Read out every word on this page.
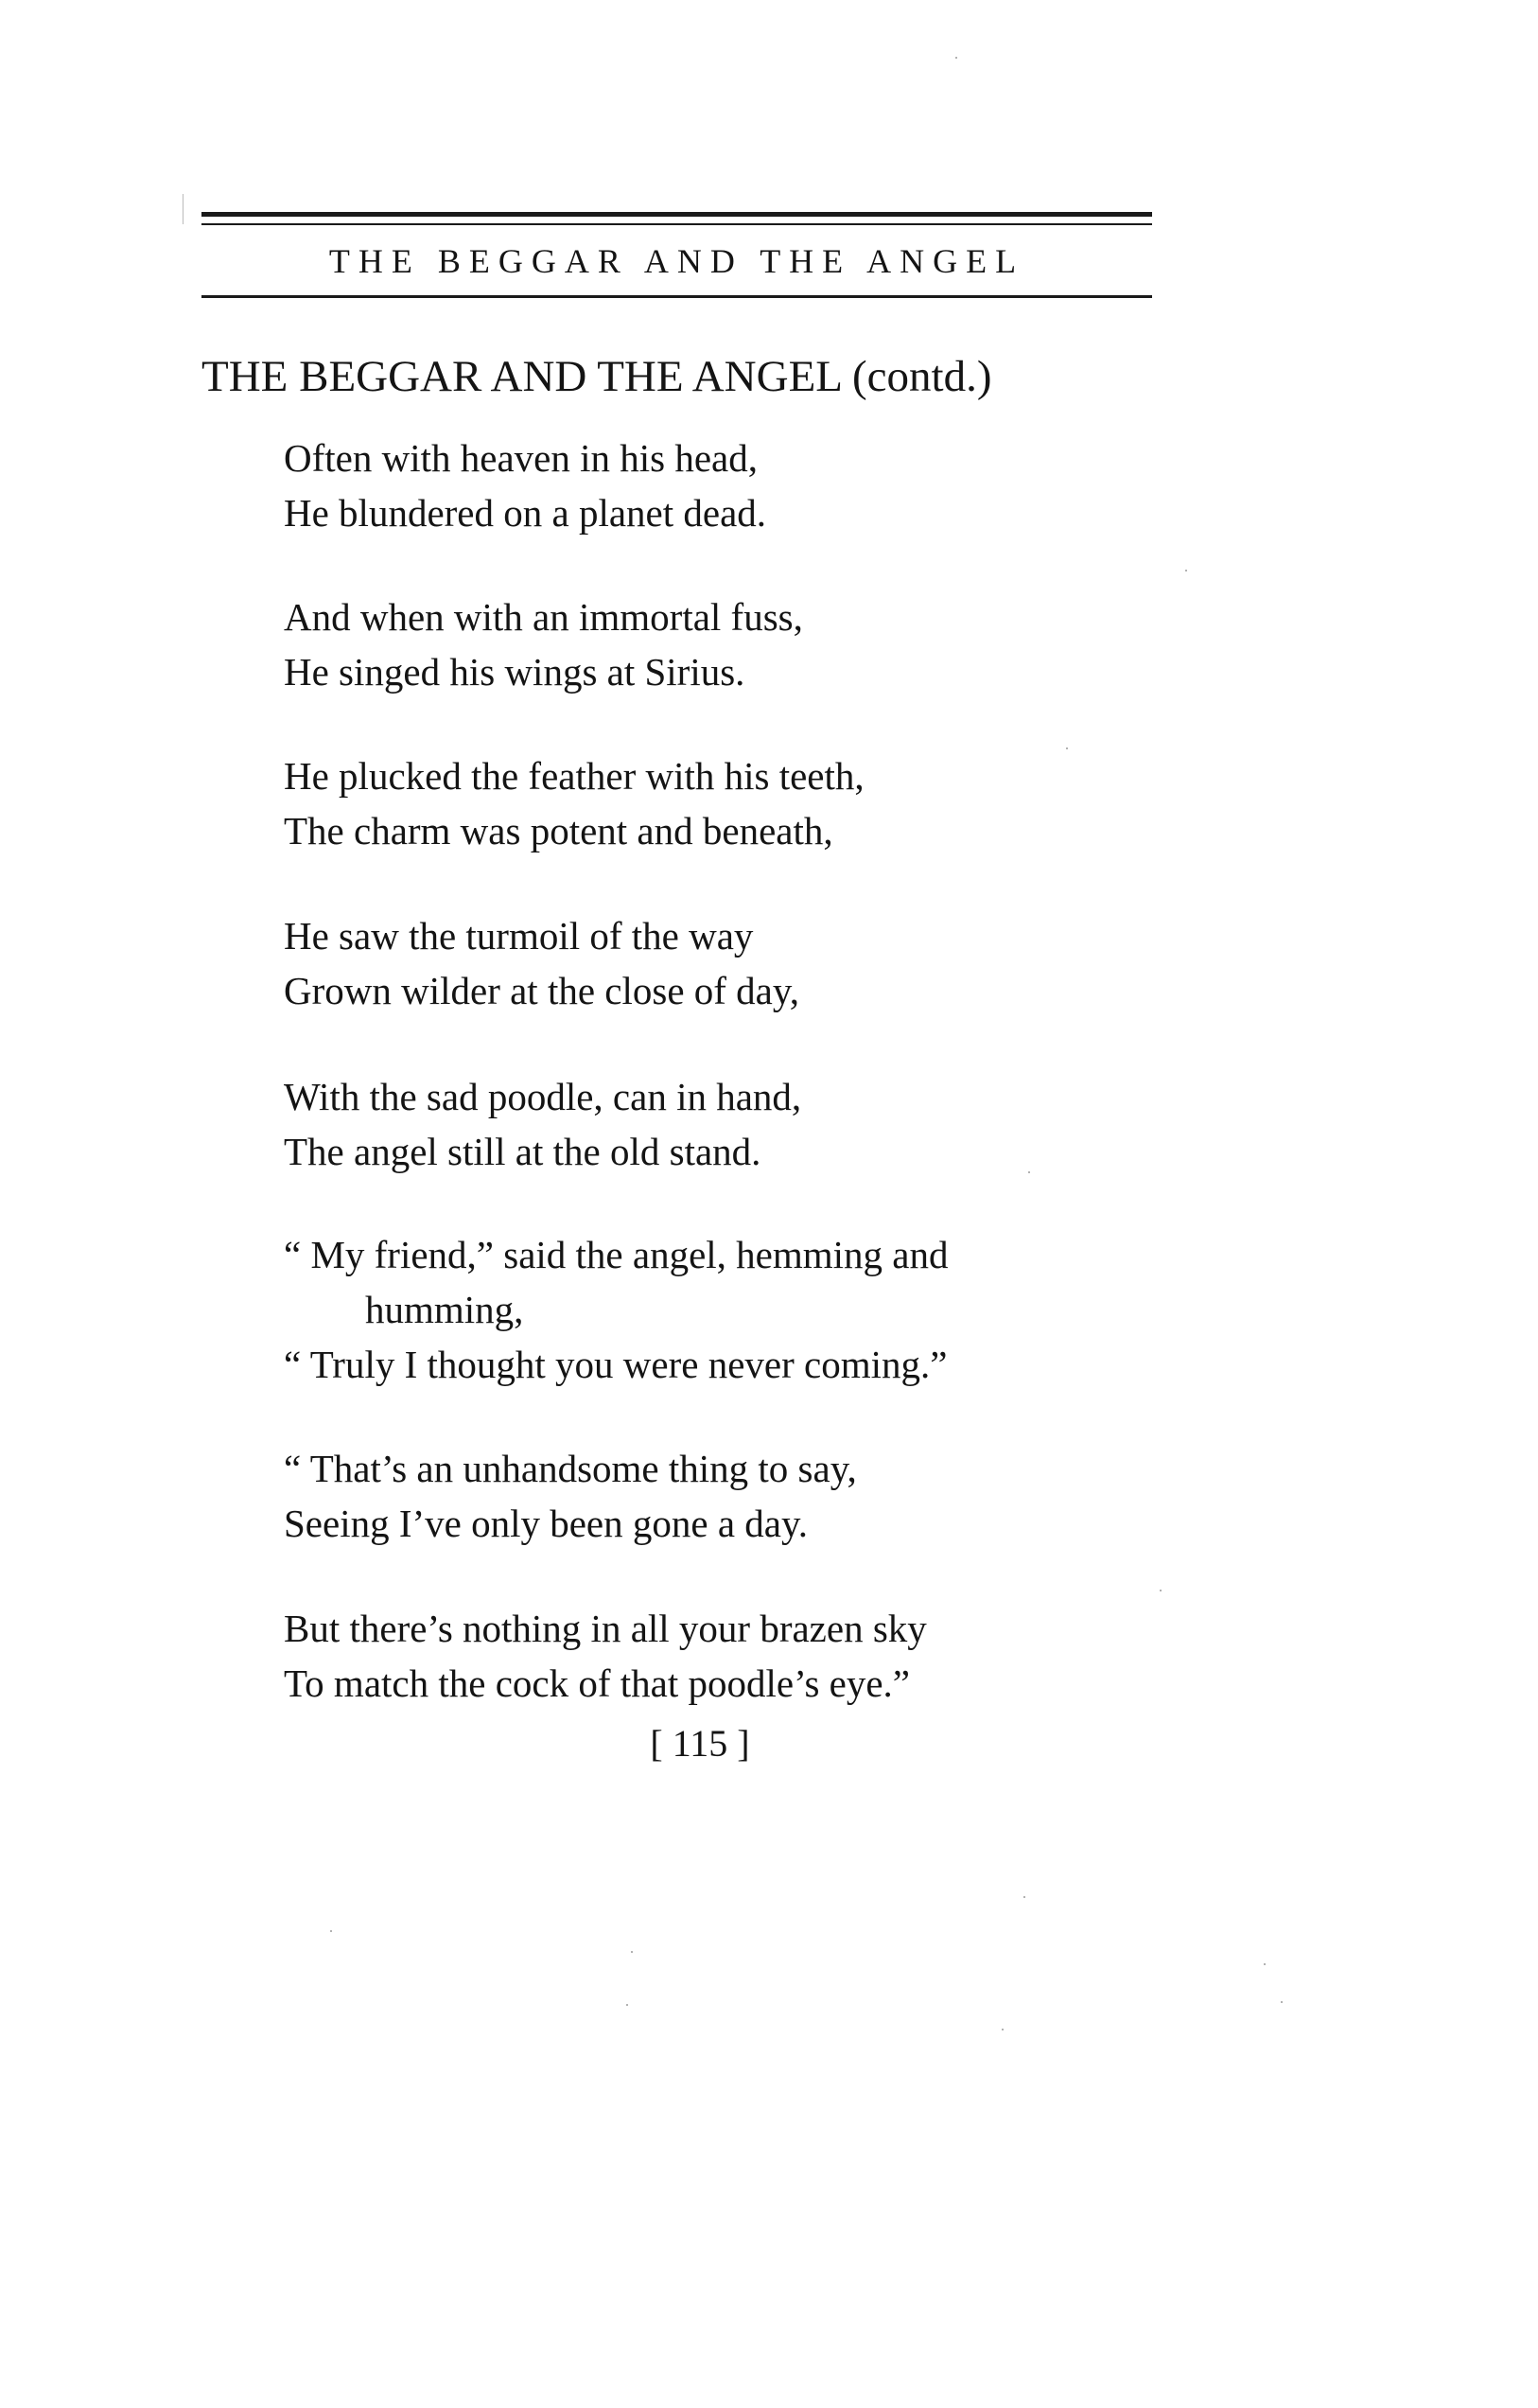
THE BEGGAR AND THE ANGEL
THE BEGGAR AND THE ANGEL (contd.)
Often with heaven in his head,
He blundered on a planet dead.
And when with an immortal fuss,
He singed his wings at Sirius.
He plucked the feather with his teeth,
The charm was potent and beneath,
He saw the turmoil of the way
Grown wilder at the close of day,
With the sad poodle, can in hand,
The angel still at the old stand.
“ My friend,” said the angel, hemming and
humming,
“ Truly I thought you were never coming.”
“ That’s an unhandsome thing to say,
Seeing I’ve only been gone a day.
But there’s nothing in all your brazen sky
To match the cock of that poodle’s eye.”
[ 115 ]
